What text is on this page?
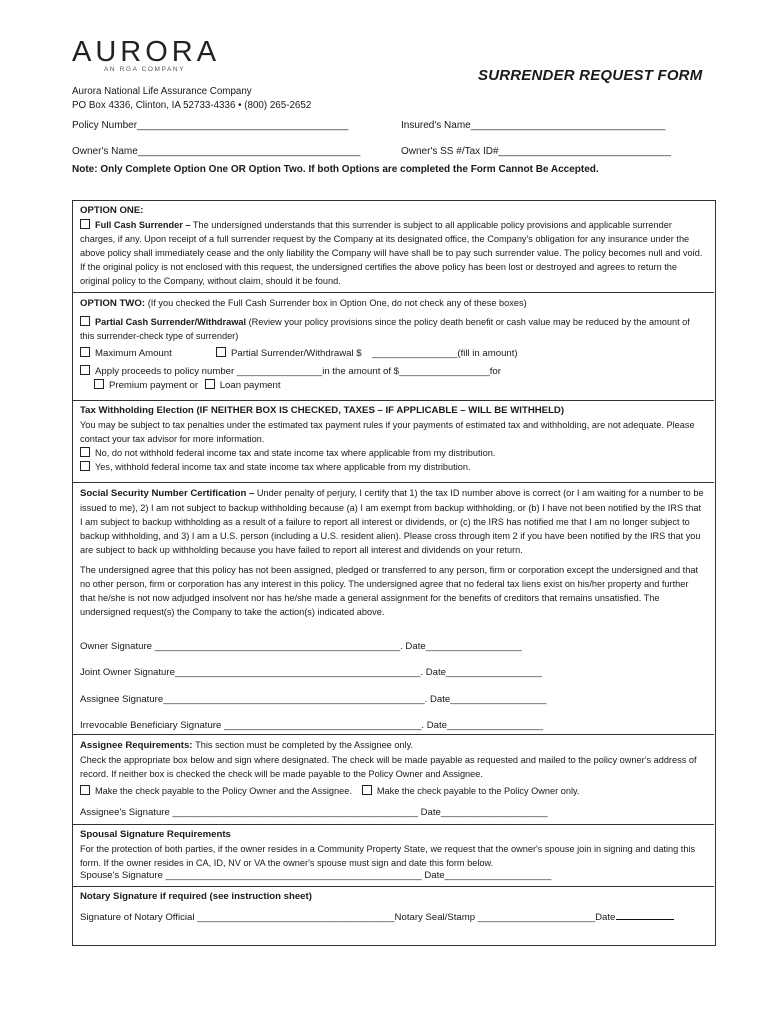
AURORA
AN RGA COMPANY	SURRENDER REQUEST FORM
Aurora National Life Assurance Company
PO Box 4336, Clinton, IA 52733-4336 • (800) 265-2652
Policy Number______________________________________	Insured's Name___________________________________
Owner's Name________________________________________	Owner's SS #/Tax ID#_______________________________
Note: Only Complete Option One OR Option Two. If both Options are completed the Form Cannot Be Accepted.

OPTION ONE:

Full Cash Surrender – The undersigned understands that this surrender is subject to all applicable policy provisions and applicable surrender charges, if any. Upon receipt of a full surrender request by the Company at its designated office, the Company's obligation for any insurance under the above policy shall immediately cease and the only liability the Company will have shall be to pay such surrender value. The policy becomes null and void. If the original policy is not enclosed with this request, the undersigned certifies the above policy has been lost or destroyed and agrees to return the original policy to the Company, without claim, should it be found.

OPTION TWO: (If you checked the Full Cash Surrender box in Option One, do not check any of these boxes)

Partial Cash Surrender/Withdrawal (Review your policy provisions since the policy death benefit or cash value may be reduced by the amount of this surrender-check type of surrender)

Maximum Amount	Partial Surrender/Withdrawal $ ________________(fill in amount)

Apply proceeds to policy number ________________in the amount of $_________________for

Premium payment or Loan payment

Tax Withholding Election (IF NEITHER BOX IS CHECKED, TAXES – IF APPLICABLE – WILL BE WITHHELD)

You may be subject to tax penalties under the estimated tax payment rules if your payments of estimated tax and withholding, are not adequate. Please contact your tax advisor for more information.

No, do not withhold federal income tax and state income tax where applicable from my distribution.

Yes, withhold federal income tax and state income tax where applicable from my distribution.

Social Security Number Certification – Under penalty of perjury, I certify that 1) the tax ID number above is correct (or I am waiting for a number to be issued to me), 2) I am not subject to backup withholding because (a) I am exempt from backup withholding, or (b) I have not been notified by the IRS that I am subject to backup withholding as a result of a failure to report all interest or dividends, or (c) the IRS has notified me that I am no longer subject to backup withholding, and 3) I am a U.S. person (including a U.S. resident alien). Please cross through item 2 if you have been notified by the IRS that you are subject to back up withholding because you have failed to report all interest and dividends on your return.

The undersigned agree that this policy has not been assigned, pledged or transferred to any person, firm or corporation except the undersigned and that no other person, firm or corporation has any interest in this policy. The undersigned agree that no federal tax liens exist on his/her property and further that he/she is not now adjudged insolvent nor has he/she made a general assignment for the benefits of creditors that remains unsatisfied. The undersigned request(s) the Company to take the action(s) indicated above.

Owner Signature ______________________________________________. Date__________________
Joint Owner Signature______________________________________________. Date__________________
Assignee Signature_________________________________________________. Date__________________
Irrevocable Beneficiary Signature _____________________________________. Date__________________

Assignee Requirements: This section must be completed by the Assignee only.

Check the appropriate box below and sign where designated. The check will be made payable as requested and mailed to the policy owner's address of record. If neither box is checked the check will be made payable to the Policy Owner and Assignee.

Make the check payable to the Policy Owner and the Assignee.	Make the check payable to the Policy Owner only.

Assignee's Signature ______________________________________________ Date____________________

Spousal Signature Requirements

For the protection of both parties, if the owner resides in a Community Property State, we request that the owner's spouse join in signing and dating this form. If the owner resides in CA, ID, NV or VA the owner's spouse must sign and date this form below.

Spouse's Signature ________________________________________________ Date____________________

Notary Signature if required (see instruction sheet)

Signature of Notary Official _____________________________________Notary Seal/Stamp ______________________Date
